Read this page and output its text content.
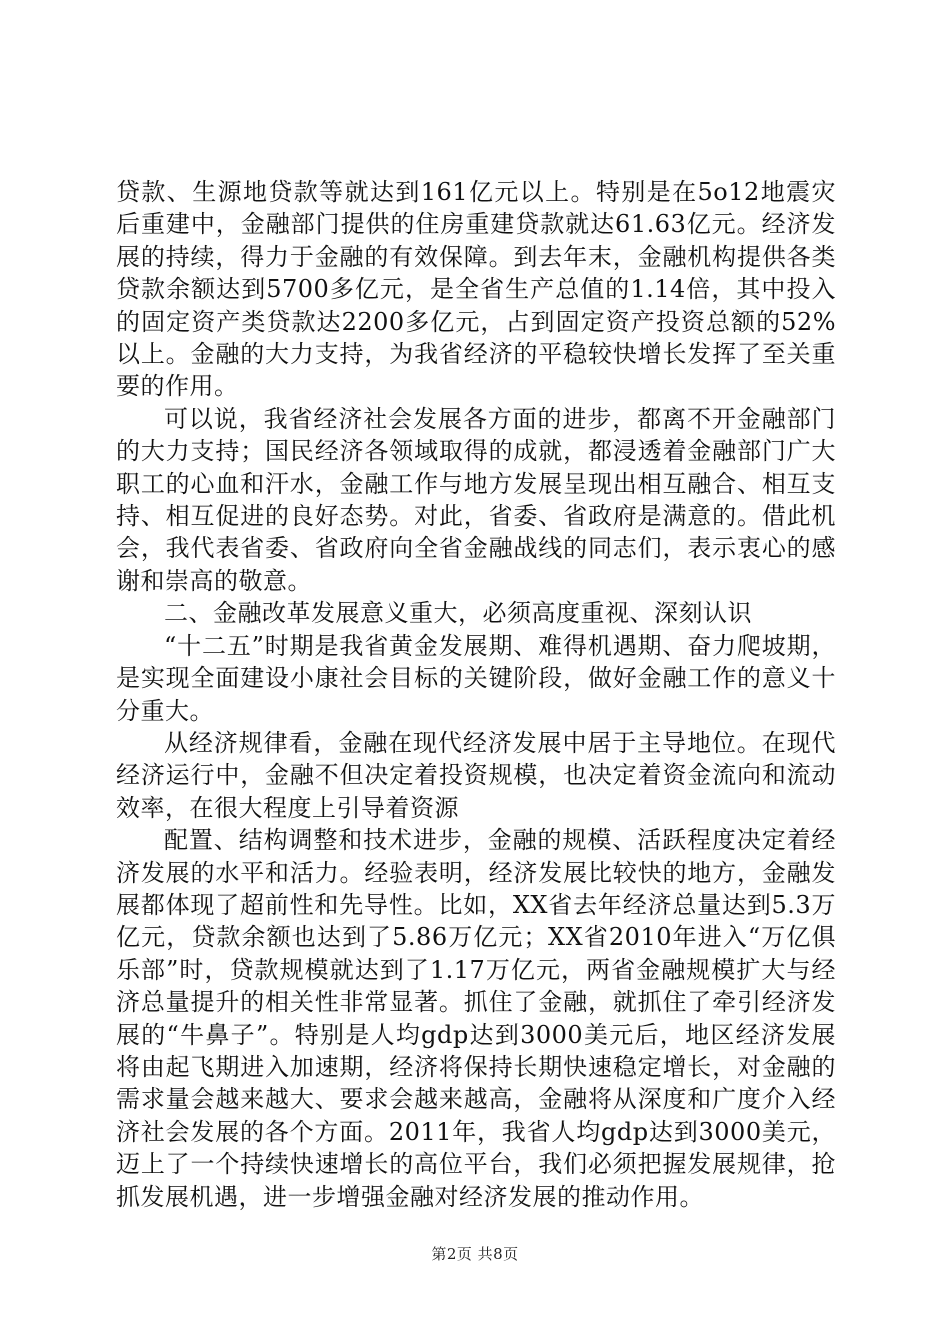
贷款、生源地贷款等就达到161亿元以上。特别是在5o12地震灾后重建中，金融部门提供的住房重建贷款就达61.63亿元。经济发展的持续，得力于金融的有效保障。到去年末，金融机构提供各类贷款余额达到5700多亿元，是全省生产总值的1.14倍，其中投入的固定资产类贷款达2200多亿元，占到固定资产投资总额的52%以上。金融的大力支持，为我省经济的平稳较快增长发挥了至关重要的作用。

可以说，我省经济社会发展各方面的进步，都离不开金融部门的大力支持；国民经济各领域取得的成就，都浸透着金融部门广大职工的心血和汗水，金融工作与地方发展呈现出相互融合、相互支持、相互促进的良好态势。对此，省委、省政府是满意的。借此机会，我代表省委、省政府向全省金融战线的同志们，表示衷心的感谢和崇高的敬意。

二、金融改革发展意义重大，必须高度重视、深刻认识

“十二五”时期是我省黄金发展期、难得机遇期、奋力爬坡期，是实现全面建设小康社会目标的关键阶段，做好金融工作的意义十分重大。

从经济规律看，金融在现代经济发展中居于主导地位。在现代经济运行中，金融不但决定着投资规模，也决定着资金流向和流动效率，在很大程度上引导着资源

配置、结构调整和技术进步，金融的规模、活跃程度决定着经济发展的水平和活力。经验表明，经济发展比较快的地方，金融发展都体现了超前性和先导性。比如，XX省去年经济总量达到5.3万亿元，贷款余额也达到了5.86万亿元；XX省2010年进入“万亿俱乐部”时，贷款规模就达到了1.17万亿元，两省金融规模扩大与经济总量提升的相关性非常显著。抓住了金融，就抓住了牵引经济发展的“牛鼻子”。特别是人均gdp达到3000美元后，地区经济发展将由起飞期进入加速期，经济将保持长期快速稳定增长，对金融的需求量会越来越大、要求会越来越高，金融将从深度和广度介入经济社会发展的各个方面。2011年，我省人均gdp达到3000美元，迈上了一个持续快速增长的高位平台，我们必须把握发展规律，抢抓发展机遇，进一步增强金融对经济发展的推动作用。

第2页 共8页
